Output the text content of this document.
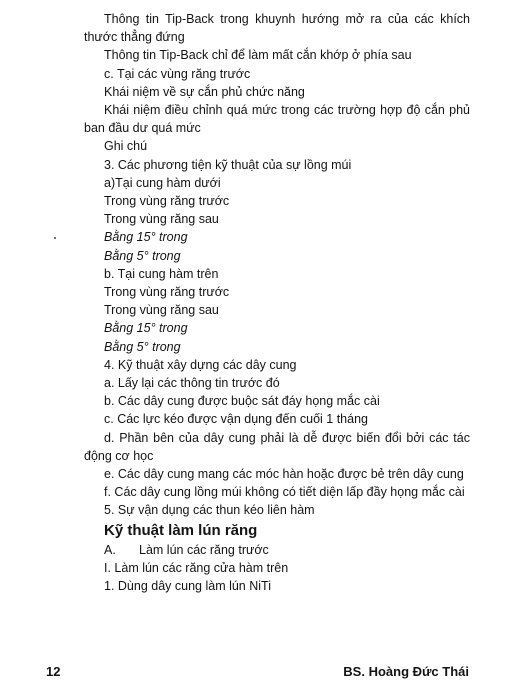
Thông tin Tip-Back trong khuynh hướng mở ra của các khích thước thẳng đứng

Thông tin Tip-Back chỉ để làm mất cắn khớp ở phía sau

c. Tại các vùng răng trước

Khái niệm về sự cắn phủ chức năng

Khái niệm điều chỉnh quá mức trong các trường hợp độ cắn phủ ban đầu dư quá mức

Ghi chú

3. Các phương tiện kỹ thuật của sự lồng múi

a)Tại cung hàm dưới

Trong vùng răng trước

Trong vùng răng sau

Bằng 15° trong

Bằng 5° trong

b. Tại cung hàm trên

Trong vùng răng trước

Trong vùng răng sau

Bằng 15° trong

Bằng 5° trong

4. Kỹ thuật xây dựng các dây cung

a. Lấy lại các thông tin trước đó

b. Các dây cung được buộc sát đáy họng mắc cài

c. Các lực kéo được vận dụng đến cuối 1 tháng

d. Phần bên của dây cung phải là dễ được biến đổi bởi các tác động cơ học

e. Các dây cung mang các móc hàn hoặc được bẻ trên dây cung

f. Các dây cung lồng múi không có tiết diện lấp đầy họng mắc cài

5. Sự vận dụng các thun kéo liên hàm

Kỹ thuật làm lún răng

A.	Làm lún các răng trước

I. Làm lún các răng cửa hàm trên

1. Dùng dây cung làm lún NiTi

12	BS. Hoàng Đức Thái
